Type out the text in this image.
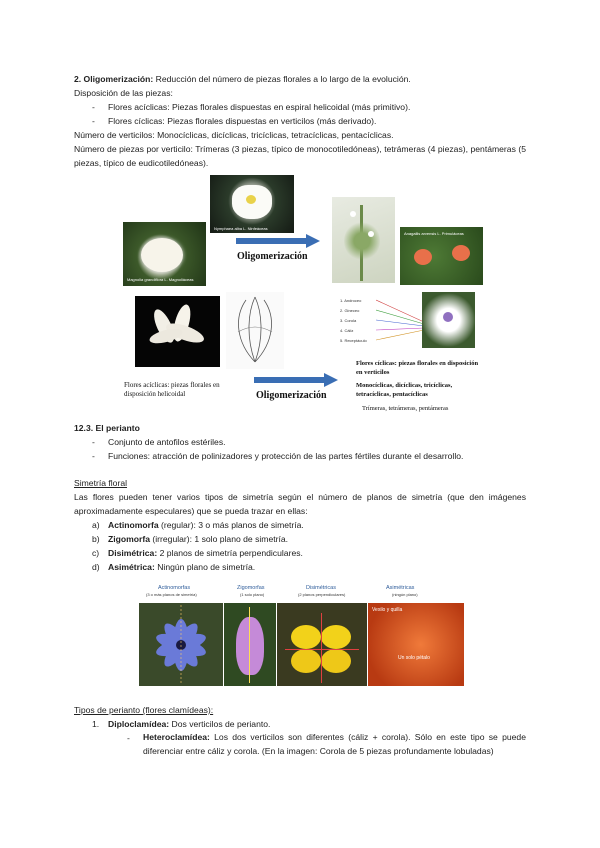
2. Oligomerización: Reducción del número de piezas florales a lo largo de la evolución.
Disposición de las piezas:
- Flores acíclicas: Piezas florales dispuestas en espiral helicoidal (más primitivo).
- Flores cíclicas: Piezas florales dispuestas en verticilos (más derivado).
Número de verticilos: Monocíclicas, dicíclicas, tricíclicas, tetracíclicas, pentacíclicas.
Número de piezas por verticilo: Trímeras (3 piezas, típico de monocotiledóneas), tetrámeras (4 piezas), pentámeras (5 piezas, típico de eudicotiledóneas).
Magnolia grandiflora L. Magnoliáceas
Nymphaea alba L. Ninfeáceas
Oligomerización
Anagallis arvensis L. Primuláceas
Oligomerización
Flores acíclicas: piezas florales en disposición helicoidal
1. Androceo
2. Gineceo
3. Corola
4. Cáliz
5. Receptáculo
Flores cíclicas: piezas florales en disposición en verticilos
Monocíclicas, dicíclicas, tricíclicas, tetracíclicas, pentacíclicas
Trímeras, tetrámeras, pentámeras
12.3. El perianto
- Conjunto de antofilos estériles.
- Funciones: atracción de polinizadores y protección de las partes fértiles durante el desarrollo.
Simetría floral
Las flores pueden tener varios tipos de simetría según el número de planos de simetría (que den imágenes aproximadamente especulares) que se pueda trazar en ellas:
a) Actinomorfa (regular): 3 o más planos de simetría.
b) Zigomorfa (irregular): 1 solo plano de simetría.
c) Disimétrica: 2 planos de simetría perpendiculares.
d) Asimétrica: Ningún plano de simetría.
Actinomorfas
(3 o más planos de simetría)
Zigomorfas
(1 solo plano)
Disimétricas
(2 planos perpendiculares)
Asimétricas
(ningún plano)
Vexilo y quilla
Un solo pétalo
Tipos de perianto (flores clamídeas):
1. Diploclamídea: Dos verticilos de perianto.
- Heteroclamídea: Los dos verticilos son diferentes (cáliz + corola). Sólo en este tipo se puede diferenciar entre cáliz y corola. (En la imagen: Corola de 5 piezas profundamente lobuladas)
